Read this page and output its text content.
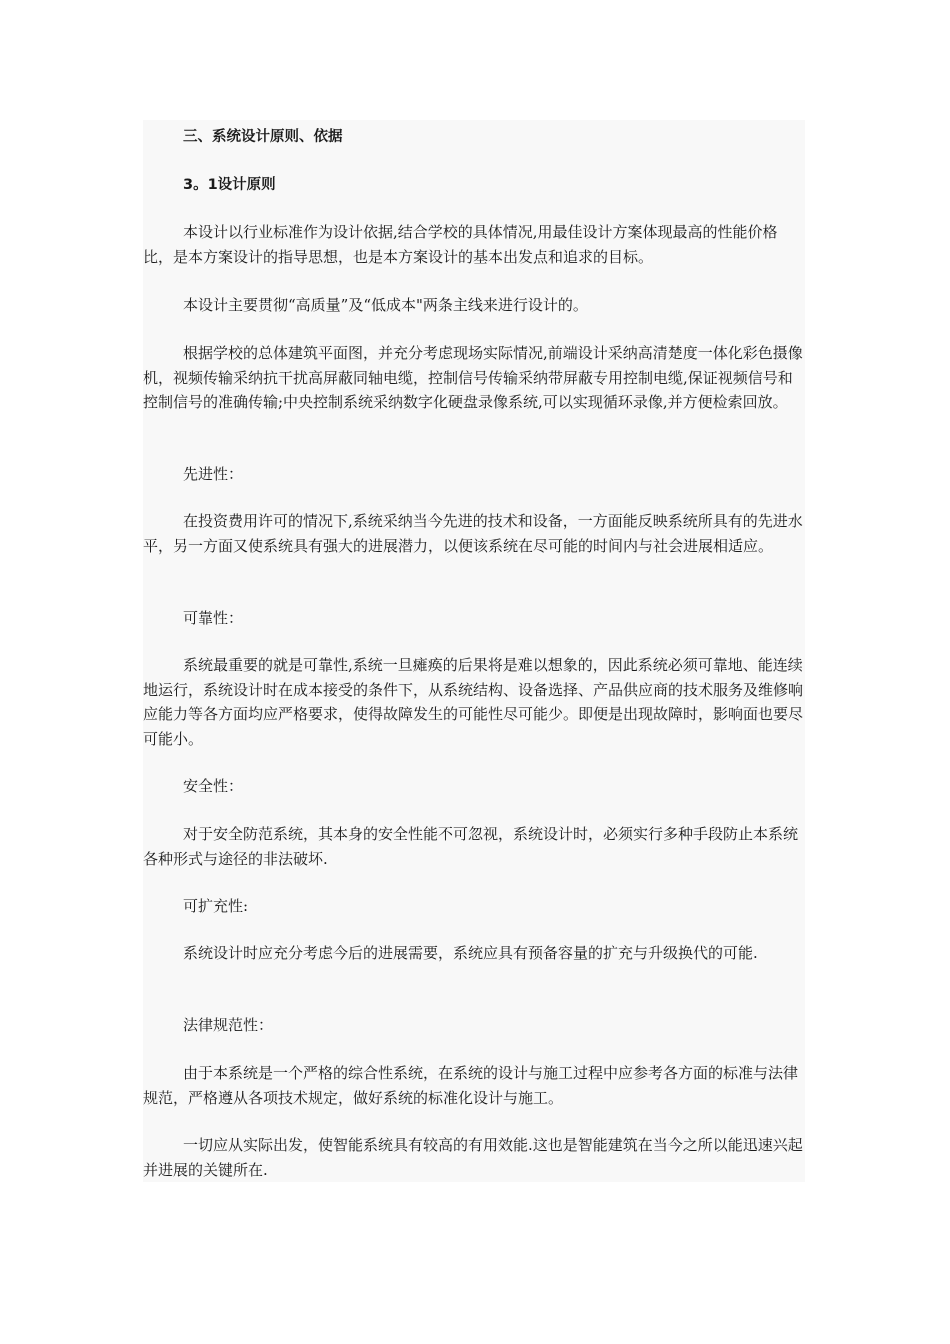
三、系统设计原则、依据

3。1设计原则

本设计以行业标准作为设计依据,结合学校的具体情况,用最佳设计方案体现最高的性能价格比，是本方案设计的指导思想，也是本方案设计的基本出发点和追求的目标。

本设计主要贯彻“高质量”及“低成本"两条主线来进行设计的。

根据学校的总体建筑平面图，并充分考虑现场实际情况,前端设计采纳高清楚度一体化彩色摄像机，视频传输采纳抗干扰高屏蔽同轴电缆，控制信号传输采纳带屏蔽专用控制电缆,保证视频信号和控制信号的准确传输;中央控制系统采纳数字化硬盘录像系统,可以实现循环录像,并方便检索回放。

先进性：

在投资费用许可的情况下,系统采纳当今先进的技术和设备，一方面能反映系统所具有的先进水平，另一方面又使系统具有强大的进展潜力，以便该系统在尽可能的时间内与社会进展相适应。

可靠性：

系统最重要的就是可靠性,系统一旦瘫痪的后果将是难以想象的，因此系统必须可靠地、能连续地运行，系统设计时在成本接受的条件下，从系统结构、设备选择、产品供应商的技术服务及维修响应能力等各方面均应严格要求，使得故障发生的可能性尽可能少。即便是出现故障时，影响面也要尽可能小。

安全性：

对于安全防范系统，其本身的安全性能不可忽视，系统设计时，必须实行多种手段防止本系统各种形式与途径的非法破坏.

可扩充性:

系统设计时应充分考虑今后的进展需要，系统应具有预备容量的扩充与升级换代的可能.

法律规范性：

由于本系统是一个严格的综合性系统，在系统的设计与施工过程中应参考各方面的标准与法律规范，严格遵从各项技术规定，做好系统的标准化设计与施工。

一切应从实际出发，使智能系统具有较高的有用效能.这也是智能建筑在当今之所以能迅速兴起并进展的关键所在.
